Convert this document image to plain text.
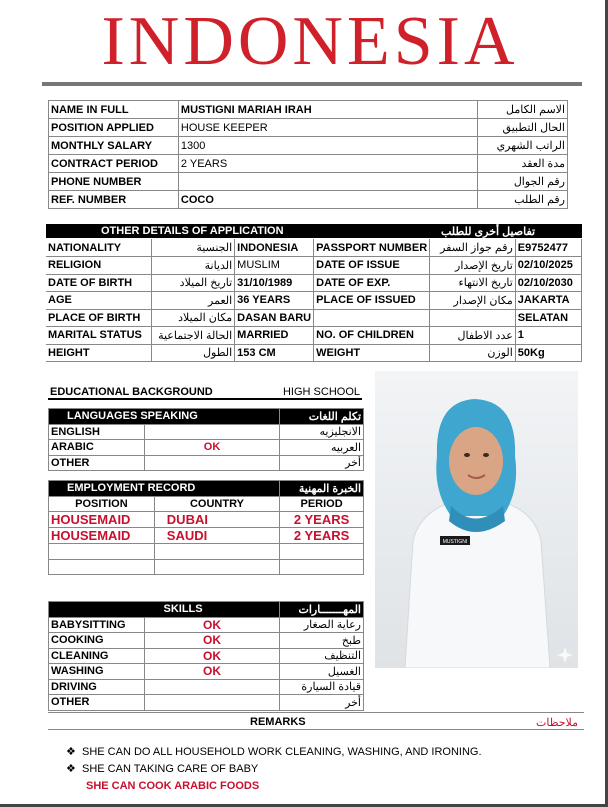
INDONESIA
NAME IN FULL	MUSTIGNI MARIAH IRAH	الاسم الكامل
POSITION APPLIED	HOUSE KEEPER	الحال التطبيق
MONTHLY SALARY	1300	الراتب الشهري
CONTRACT PERIOD	2 YEARS	مدة العقد
PHONE NUMBER		رقم الجوال
REF. NUMBER	COCO	رقم الطلب
OTHER DETAILS OF APPLICATION	تفاصيل أخرى للطلب
NATIONALITY	الجنسية	INDONESIA	PASSPORT NUMBER	رقم جواز السفر	E9752477
RELIGION	الديانة	MUSLIM	DATE OF ISSUE	تاريخ الإصدار	02/10/2025
DATE OF BIRTH	تاريخ الميلاد	31/10/1989	DATE OF EXP.	تاريخ الانتهاء	02/10/2030
AGE	العمر	36 YEARS	PLACE OF ISSUED	مكان الإصدار	JAKARTA
PLACE OF BIRTH	مكان الميلاد	DASAN BARU			SELATAN
MARITAL STATUS	الحالة الاجتماعية	MARRIED	NO. OF CHILDREN	عدد الاطفال	1
HEIGHT	الطول	153 CM	WEIGHT	الوزن	50Kg
EDUCATIONAL BACKGROUND	HIGH SCHOOL
LANGUAGES SPEAKING		تكلم اللغات
ENGLISH		الانجليزيه
ARABIC	OK	العربيه
OTHER		أخر
EMPLOYMENT RECORD		الخبرة المهنية
POSITION	COUNTRY	PERIOD
HOUSEMAID	DUBAI	2 YEARS
HOUSEMAID	SAUDI	2 YEARS

SKILLS		المهـــــــارات
BABYSITTING	OK	رعاية الصغار
COOKING	OK	طبخ
CLEANING	OK	التنظيف
WASHING	OK	الغسيل
DRIVING		قيادة السيارة
OTHER		أخر
MUSTIGNI
REMARKS	ملاحظات
❖ SHE CAN DO ALL HOUSEHOLD WORK CLEANING, WASHING, AND IRONING.
❖ SHE CAN TAKING CARE OF BABY
SHE CAN COOK ARABIC FOODS
